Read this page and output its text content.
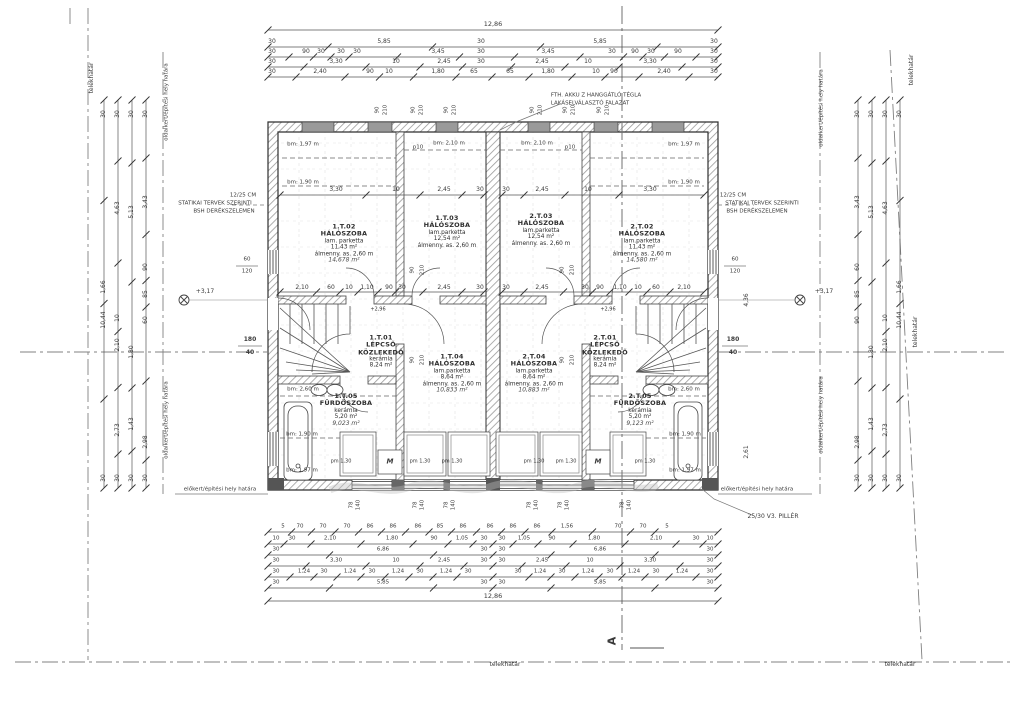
12,86
30	5,85	30	5,85	30
30	90 30 30 30	3,45	30	3,45	30	90 30	90	30
30	3,30	10	2,45	30	2,45	10	3,30	30
30	2,40	90 10	1,80	65	65	1,80	10 90	2,40	30
FTH. AKKU Z HANGGÁTLÓ TÉGLA
LAKÁSELVÁLASZTÓ FALAZAT
90 210	90 210	90 210	90 210	90 210	90 210
p10	p10
bm: 1,97 m
bm: 1,90 m
bm: 2,10 m	bm: 2,10 m	bm: 1,97 m
bm: 1,90 m
bm: 2,60 m
bm: 1,90 m
bm: 1,97 m
bm: 2,60 m
bm: 1,90 m
bm: 1,97 m
3,30	10	2,45	30	30	2,45	10	3,30
2,10	60 10 1,10 90 30	2,45	30	30	2,45	30 90 1,10 10 60	2,10
90 210	90 210
90 210	90 210
+2,96	+2,96
60
120
60
120
180
40
180
40
+3,17	+3,17
30 30 30 30
30 30 30 30
1,66
10,44
4,63
10
2,10
2,73
5,13
1,80
1,43
3,43
90
85
60
2,98
30 30 30 30
30 30 30 30
3,43
60
85
90
2,98
5,13
1,80
1,43
4,63
10
2,10
2,73
1,66
10,44
4,36
2,61
78 140	78 140	78 140	78 140	78 140	78 140
5 70	70	70	86	86	86	85	86	86	86	86	1,56	70	70	5
10 30	2,10	1,80	90	1,05 30 30 1,05	90	1,80	2,10	30 10
30	6,86	30 30	6,86	30
30	3,30	10	2,45	30 30	2,45	10	3,30	30
30	1,24 30	1,24 30	1,24 30	1,24 30	30 1,24 30	1,24 30	1,24 30	1,24	30
30	5,85	30 30	5,85	30
12,86
telekhatár	telekhatár
telekhatár
telekhatár	telekhatár
oldalkert/építési hely határa
oldalkert/építési hely határa
oldalkert/építési hely határa
oldalkert/építési hely határa
előkert/építési hely határa	előkert/építési hely határa
25/30 V3. PILLÉR
12/25 CM
STATIKAI TERVEK SZERINTI
BSH DERÉKSZELEMEN
12/25 CM
STATIKAI TERVEK SZERINTI
BSH DERÉKSZELEMEN
pm 1,30	pm 1,30 pm 1,30	pm 1,30 pm 1,30	pm 1,30
M	M
A
1.T.02
HÁLÓSZOBA
lam. parketta
11,43 m²
álmenny. as. 2,60 m
14,678 m²
1.T.03
HÁLÓSZOBA
lam.parketta
12,54 m²
álmenny. as. 2,60 m
1.T.01
LÉPCSŐ
KÖZLEKEDŐ
kerámia
8,24 m²
1.T.04
HÁLÓSZOBA
lam.parketta
8,64 m²
álmenny. as. 2,60 m
10,833 m²
1.T.05
FÜRDŐSZOBA
kerámia
5,20 m²
9,023 m²
2.T.01
LÉPCSŐ
KÖZLEKEDŐ
kerámia
8,24 m²
2.T.02
HÁLÓSZOBA
lam.parketta
11,43 m²
álmenny. as. 2,60 m
14,580 m²
2.T.03
HÁLÓSZOBA
lam.parketta
12,54 m²
álmenny. as. 2,60 m
2.T.04
HÁLÓSZOBA
lam.parketta
8,64 m²
álmenny. as. 2,60 m
10,883 m²
2.T.05
FÜRDŐSZOBA
kerámia
5,20 m²
9,123 m²
